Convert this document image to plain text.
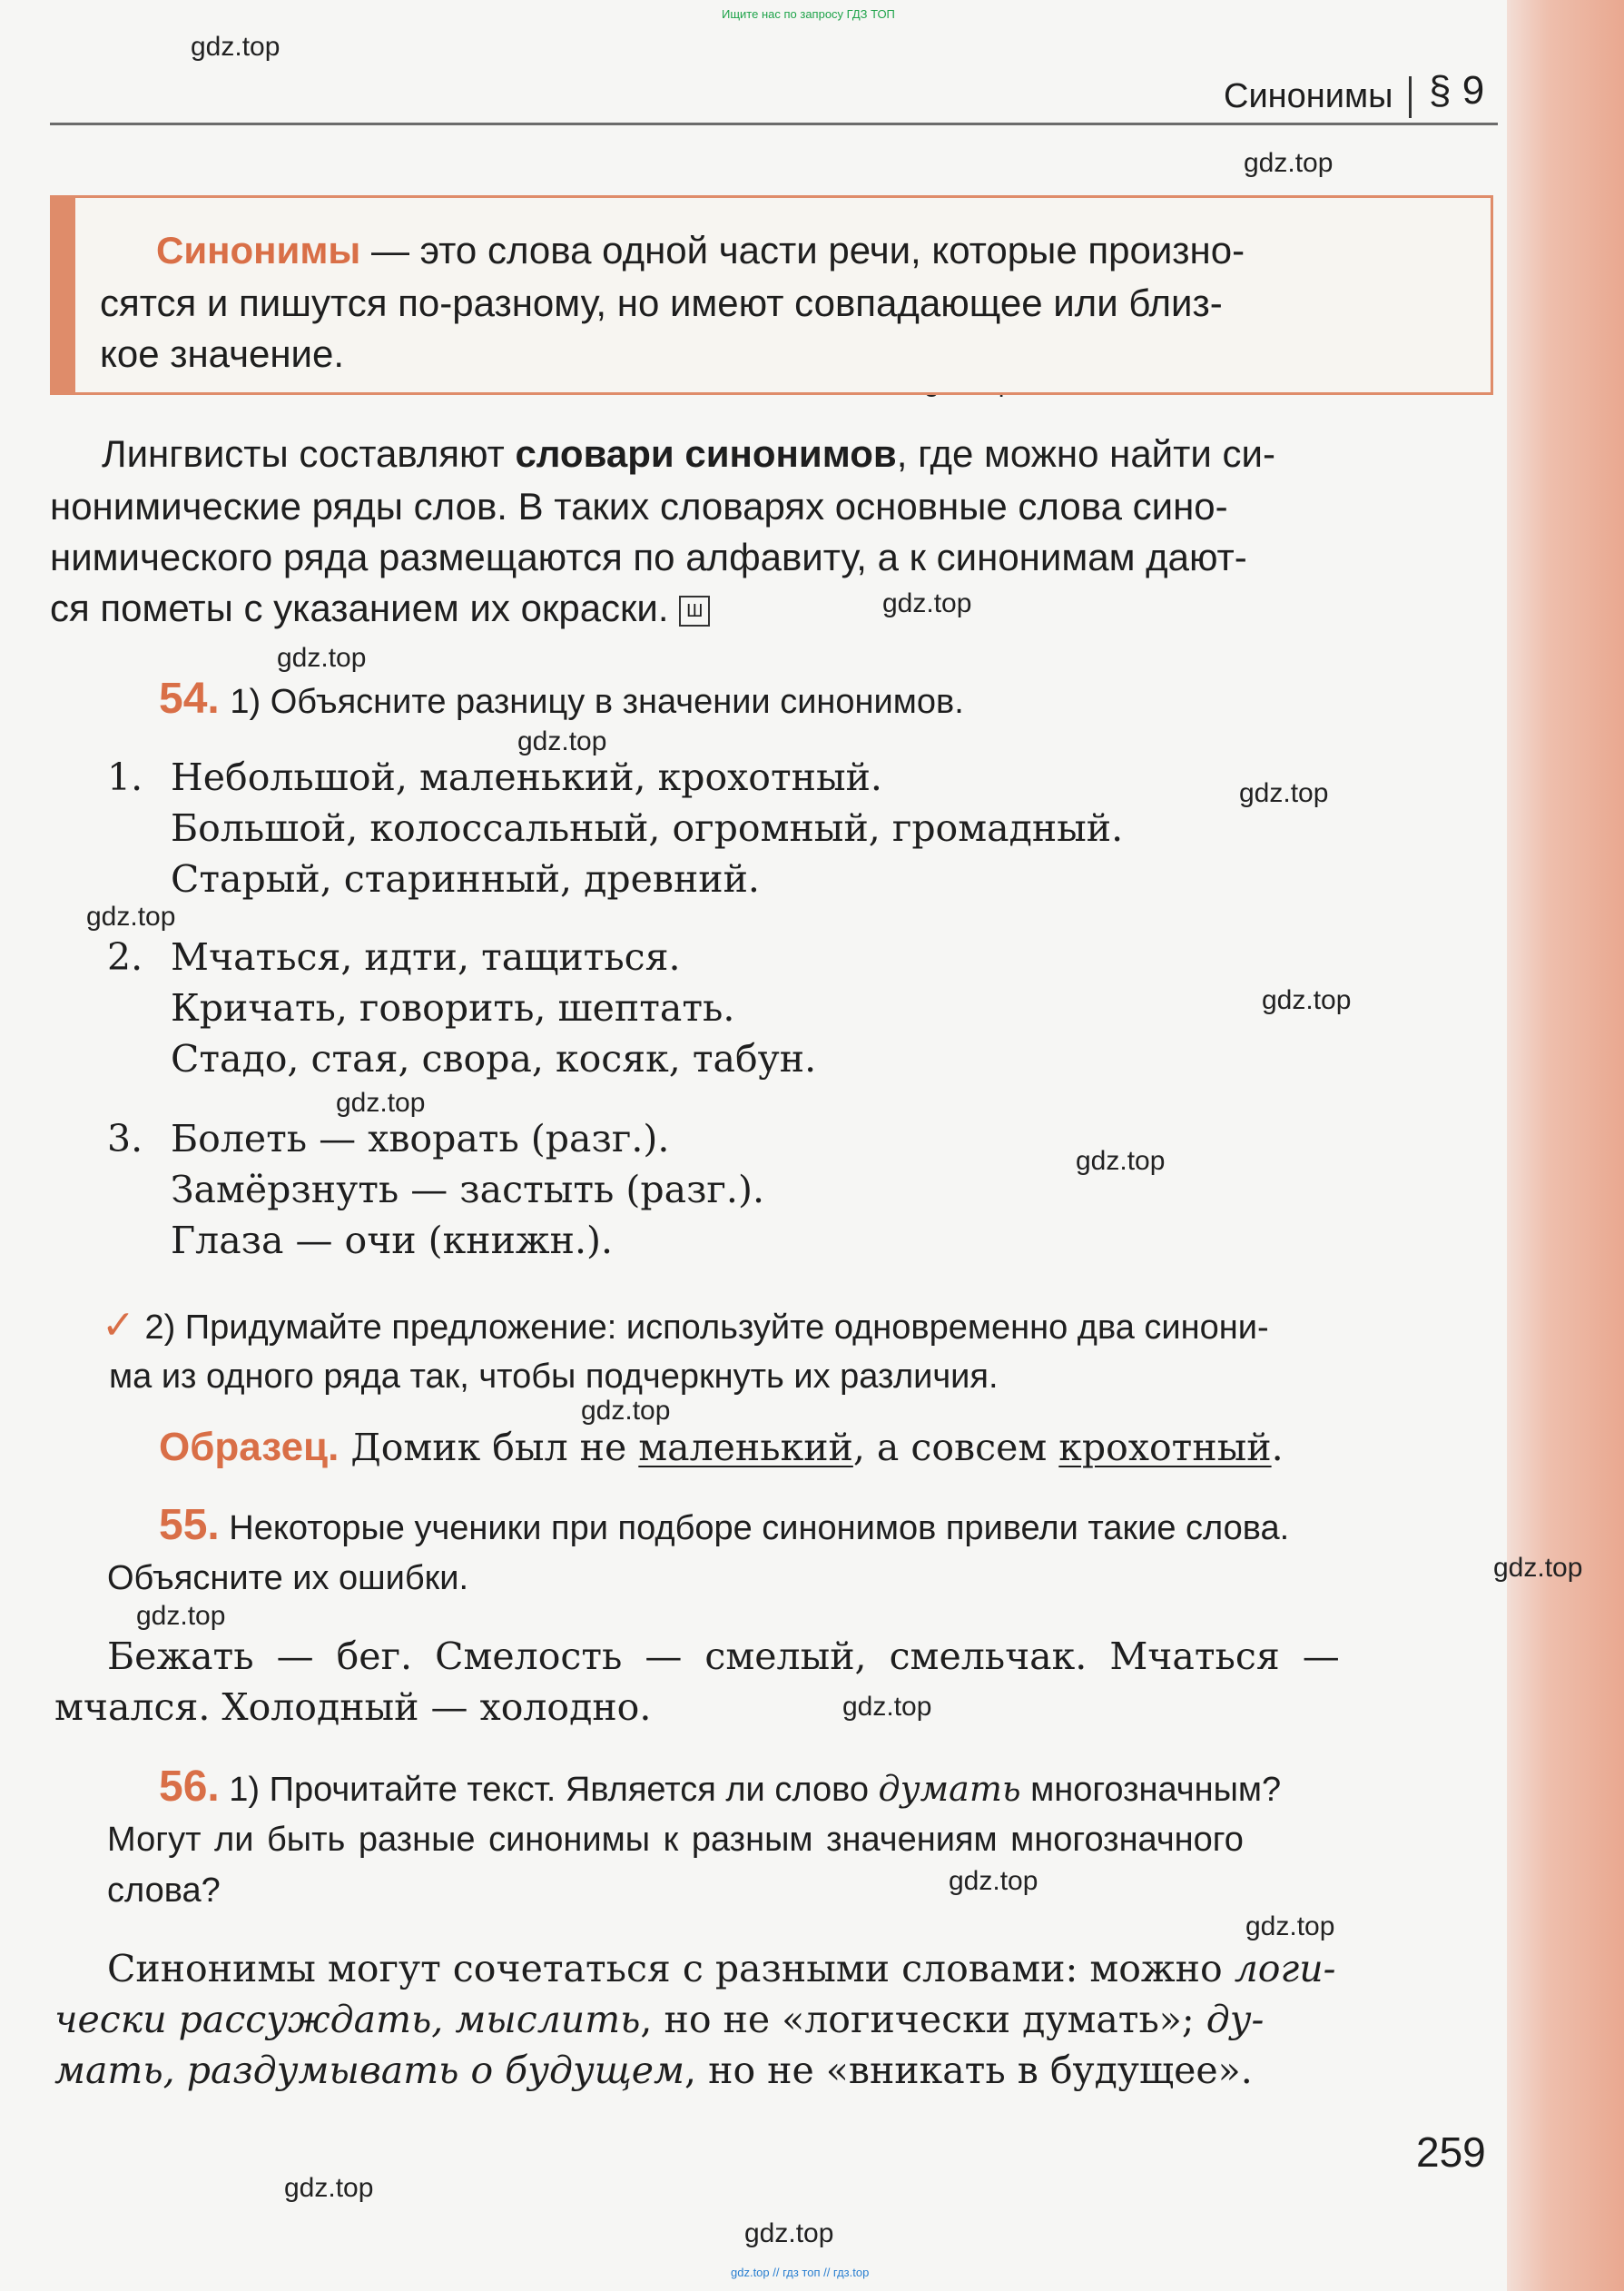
Ищите нас по запросу ГДЗ ТОП
gdz.top
gdz.top
gdz.top
gdz.top
gdz.top
gdz.top
gdz.top
gdz.top
gdz.top
gdz.top
gdz.top
gdz.top
gdz.top
gdz.top
gdz.top
gdz.top
gdz.top
gdz.top
gdz.top // гдз топ // гдз.top
Синонимы § 9
Синонимы — это слова одной части речи, которые произно-
сятся и пишутся по-разному, но имеют совпадающее или близ-
кое значение.
Лингвисты составляют словари синонимов, где можно найти си-
нонимические ряды слов. В таких словарях основные слова сино-
нимического ряда размещаются по алфавиту, а к синонимам дают-
ся пометы с указанием их окраски. Ш
54. 1) Объясните разницу в значении синонимов.
1. Небольшой, маленький, крохотный.
Большой, колоссальный, огромный, громадный.
Старый, старинный, древний.
2. Мчаться, идти, тащиться.
Кричать, говорить, шептать.
Стадо, стая, свора, косяк, табун.
3. Болеть — хворать (разг.).
Замёрзнуть — застыть (разг.).
Глаза — очи (книжн.).
✓ 2) Придумайте предложение: используйте одновременно два синони-
ма из одного ряда так, чтобы подчеркнуть их различия.
Образец. Домик был не маленький, а совсем крохотный.
55. Некоторые ученики при подборе синонимов привели такие слова.
Объясните их ошибки.
Бежать — бег. Смелость — смелый, смельчак. Мчаться —
мчался. Холодный — холодно.
56. 1) Прочитайте текст. Является ли слово думать многозначным?
Могут ли быть разные синонимы к разным значениям многозначного
слова?
Синонимы могут сочетаться с разными словами: можно логи-
чески рассуждать, мыслить, но не «логически думать»; ду-
мать, раздумывать о будущем, но не «вникать в будущее».
259
